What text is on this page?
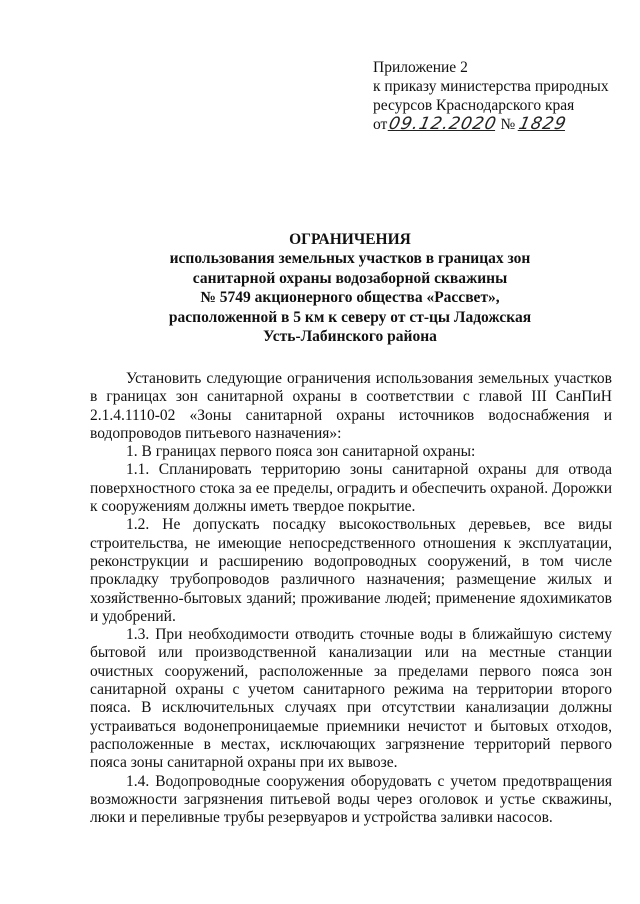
Приложение 2
к приказу министерства природных
ресурсов Краснодарского края
от09.12.2020 № 1829
ОГРАНИЧЕНИЯ
использования земельных участков в границах зон
санитарной охраны водозаборной скважины
№ 5749 акционерного общества «Рассвет»,
расположенной в 5 км к северу от ст-цы Ладожская
Усть-Лабинского района

Установить следующие ограничения использования земельных участков в границах зон санитарной охраны в соответствии с главой III СанПиН 2.1.4.1110-02 «Зоны санитарной охраны источников водоснабжения и водопроводов питьевого назначения»:

1. В границах первого пояса зон санитарной охраны:

1.1. Спланировать территорию зоны санитарной охраны для отвода поверхностного стока за ее пределы, оградить и обеспечить охраной. Дорожки к сооружениям должны иметь твердое покрытие.

1.2. Не допускать посадку высокоствольных деревьев, все виды строительства, не имеющие непосредственного отношения к эксплуатации, реконструкции и расширению водопроводных сооружений, в том числе прокладку трубопроводов различного назначения; размещение жилых и хозяйственно-бытовых зданий; проживание людей; применение ядохимикатов и удобрений.

1.3. При необходимости отводить сточные воды в ближайшую систему бытовой или производственной канализации или на местные станции очистных сооружений, расположенные за пределами первого пояса зон санитарной охраны с учетом санитарного режима на территории второго пояса. В исключительных случаях при отсутствии канализации должны устраиваться водонепроницаемые приемники нечистот и бытовых отходов, расположенные в местах, исключающих загрязнение территорий первого пояса зоны санитарной охраны при их вывозе.

1.4. Водопроводные сооружения оборудовать с учетом предотвращения возможности загрязнения питьевой воды через оголовок и устье скважины, люки и переливные трубы резервуаров и устройства заливки насосов.
